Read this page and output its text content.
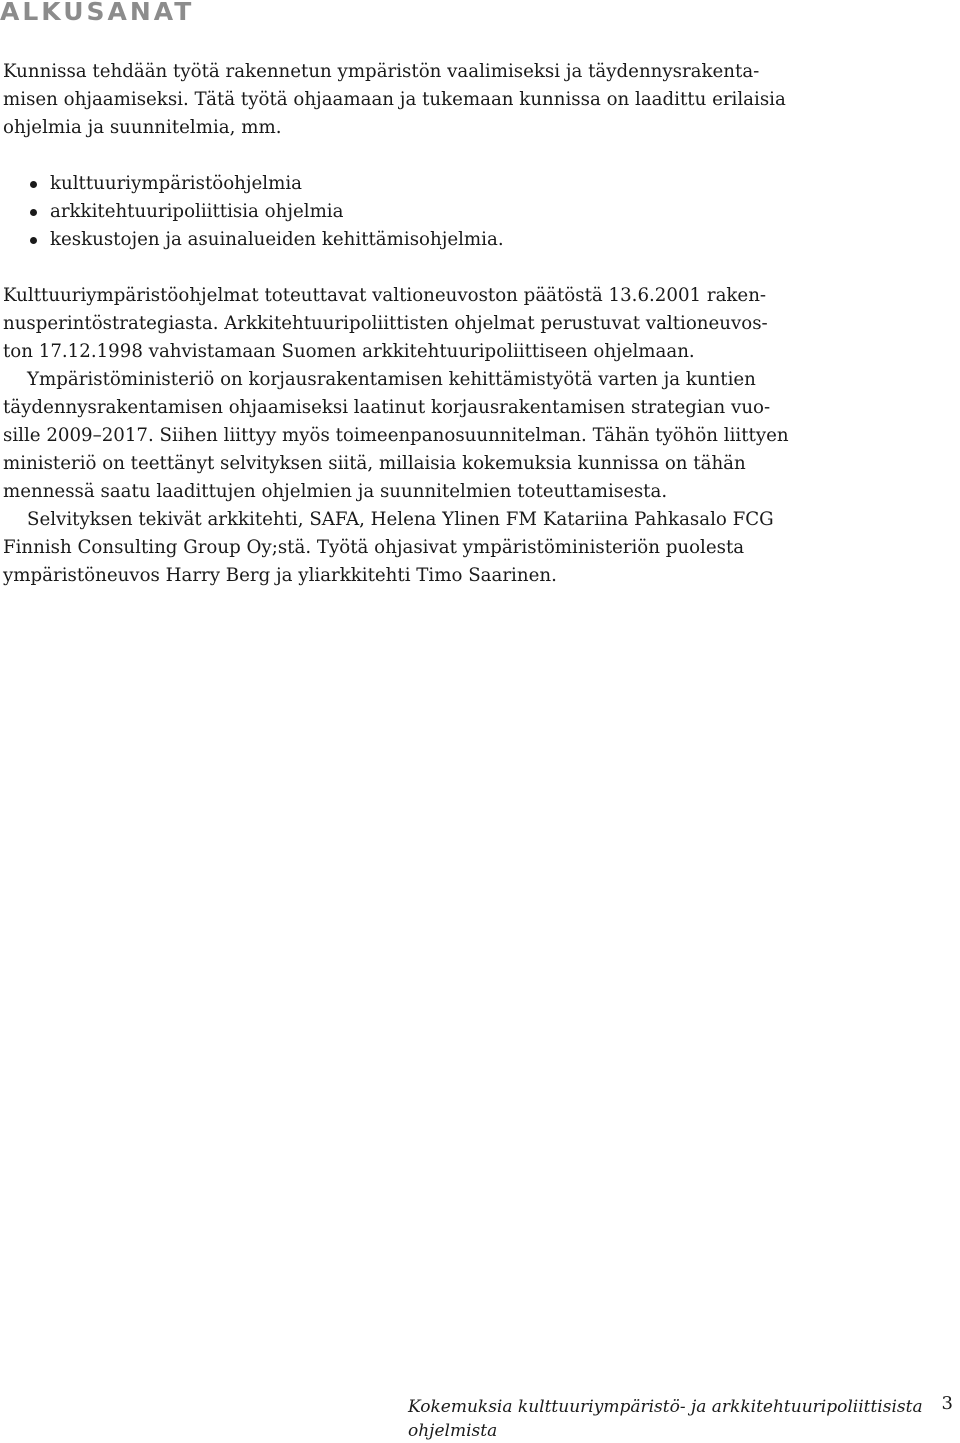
ALKUSANAT

Kunnissa tehdään työtä rakennetun ympäristön vaalimiseksi ja täydennysrakenta-
misen ohjaamiseksi. Tätä työtä ohjaamaan ja tukemaan kunnissa on laadittu erilaisia
ohjelmia ja suunnitelmia, mm.

kulttuuriympäristöohjelmia
arkkitehtuuripoliittisia ohjelmia
keskustojen ja asuinalueiden kehittämisohjelmia.

Kulttuuriympäristöohjelmat toteuttavat valtioneuvoston päätöstä 13.6.2001 raken-
nusperintöstrategiasta. Arkkitehtuuripoliittisten ohjelmat perustuvat valtioneuvos-
ton 17.12.1998 vahvistamaan Suomen arkkitehtuuripoliittiseen ohjelmaan.

Ympäristöministeriö on korjausrakentamisen kehittämistyötä varten ja kuntien
täydennysrakentamisen ohjaamiseksi laatinut korjausrakentamisen strategian vuo-
sille 2009–2017. Siihen liittyy myös toimeenpanosuunnitelman. Tähän työhön liittyen
ministeriö on teettänyt selvityksen siitä, millaisia kokemuksia kunnissa on tähän
mennessä saatu laadittujen ohjelmien ja suunnitelmien toteuttamisesta.

Selvityksen tekivät arkkitehti, SAFA, Helena Ylinen FM Katariina Pahkasalo FCG
Finnish Consulting Group Oy;stä. Työtä ohjasivat ympäristöministeriön puolesta
ympäristöneuvos Harry Berg ja yliarkkitehti Timo Saarinen.

Kokemuksia kulttuuriympäristö- ja arkkitehtuuripoliittisista ohjelmista
3
